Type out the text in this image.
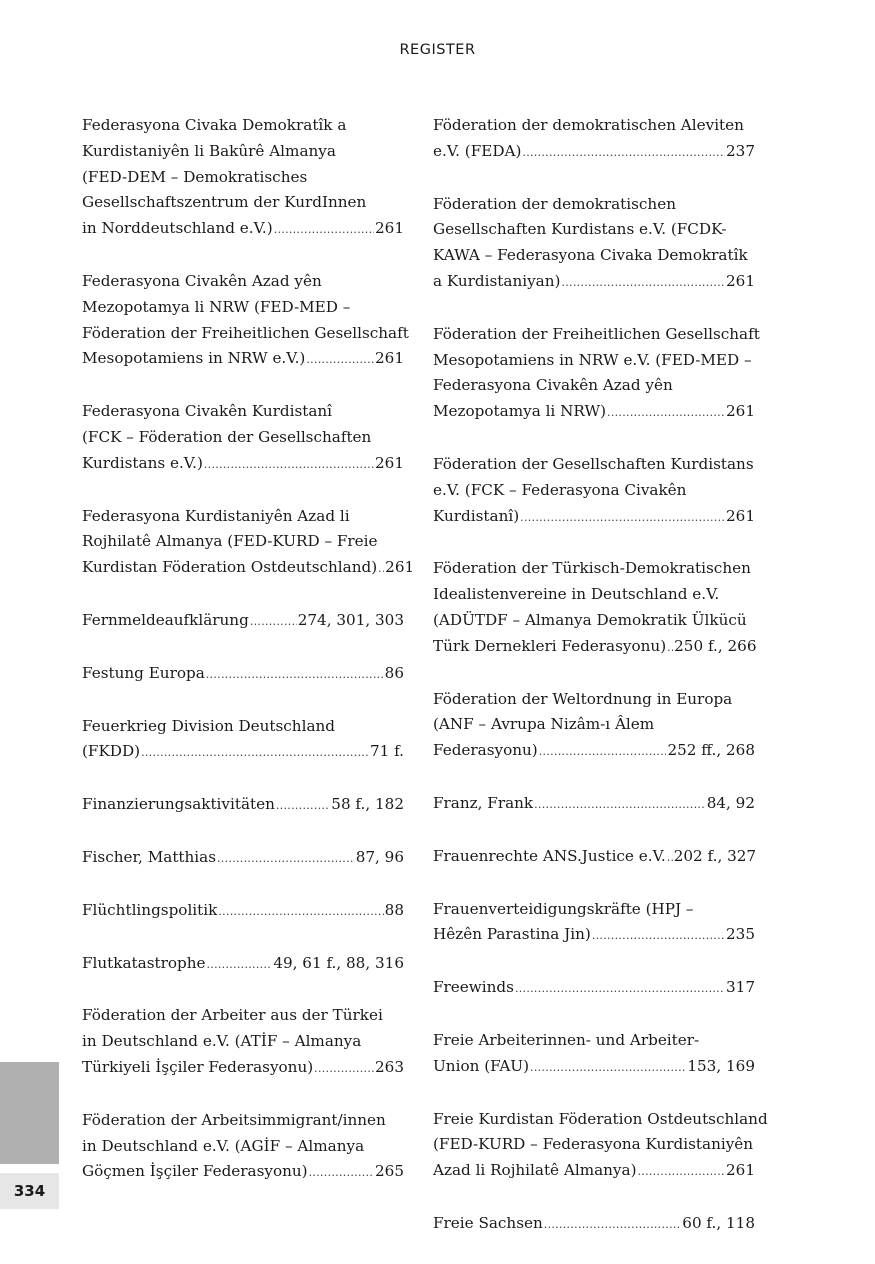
REGISTER
Federasyona Civaka Demokratîk a
Kurdistaniyên li Bakûrê Almanya
(FED-DEM – Demokratisches
Gesellschaftszentrum der KurdInnen
in Norddeutschland e.V.) .....	261
Federasyona Civakên Azad yên
Mezopotamya li NRW (FED-MED –
Föderation der Freiheitlichen Gesellschaft
Mesopotamiens in NRW e.V.) .....	261
Federasyona Civakên Kurdistanî
(FCK – Föderation der Gesellschaften
Kurdistans e.V.) .....	261
Federasyona Kurdistaniyên Azad li
Rojhilatê Almanya (FED-KURD – Freie
Kurdistan Föderation Ostdeutschland) ..... 261
Fernmeldeaufklärung .....	274, 301, 303
Festung Europa .....	86
Feuerkrieg Division Deutschland
(FKDD) .....	71 f.
Finanzierungsaktivitäten .....	58 f., 182
Fischer, Matthias .....	87, 96
Flüchtlingspolitik .....	88
Flutkatastrophe .....	49, 61 f., 88, 316
Föderation der Arbeiter aus der Türkei
in Deutschland e.V. (ATİF – Almanya
Türkiyeli İşçiler Federasyonu) .....	263
Föderation der Arbeitsimmigrant/innen
in Deutschland e.V. (AGİF – Almanya
Göçmen İşçiler Federasyonu) .....	265
Föderation der demokratischen Aleviten
e.V. (FEDA) .....	237
Föderation der demokratischen
Gesellschaften Kurdistans e.V. (FCDK-
KAWA – Federasyona Civaka Demokratîk
a Kurdistaniyan) .....	261
Föderation der Freiheitlichen Gesellschaft
Mesopotamiens in NRW e.V. (FED-MED –
Federasyona Civakên Azad yên
Mezopotamya li NRW) .....	261
Föderation der Gesellschaften Kurdistans
e.V. (FCK – Federasyona Civakên
Kurdistanî) .....	261
Föderation der Türkisch-Demokratischen
Idealistenvereine in Deutschland e.V.
(ADÜTDF – Almanya Demokratik Ülkücü
Türk Dernekleri Federasyonu) ..... 250 f., 266
Föderation der Weltordnung in Europa
(ANF – Avrupa Nizâm-ı Âlem
Federasyonu) .....	252 ff., 268
Franz, Frank .....	84, 92
Frauenrechte ANS.Justice e.V. ..... 202 f., 327
Frauenverteidigungskräfte (HPJ –
Hêzên Parastina Jin) .....	235
Freewinds .....	317
Freie Arbeiterinnen- und Arbeiter-
Union (FAU) .....	153, 169
Freie Kurdistan Föderation Ostdeutschland
(FED-KURD – Federasyona Kurdistaniyên
Azad li Rojhilatê Almanya) .....	261
Freie Sachsen .....	60 f., 118
334
